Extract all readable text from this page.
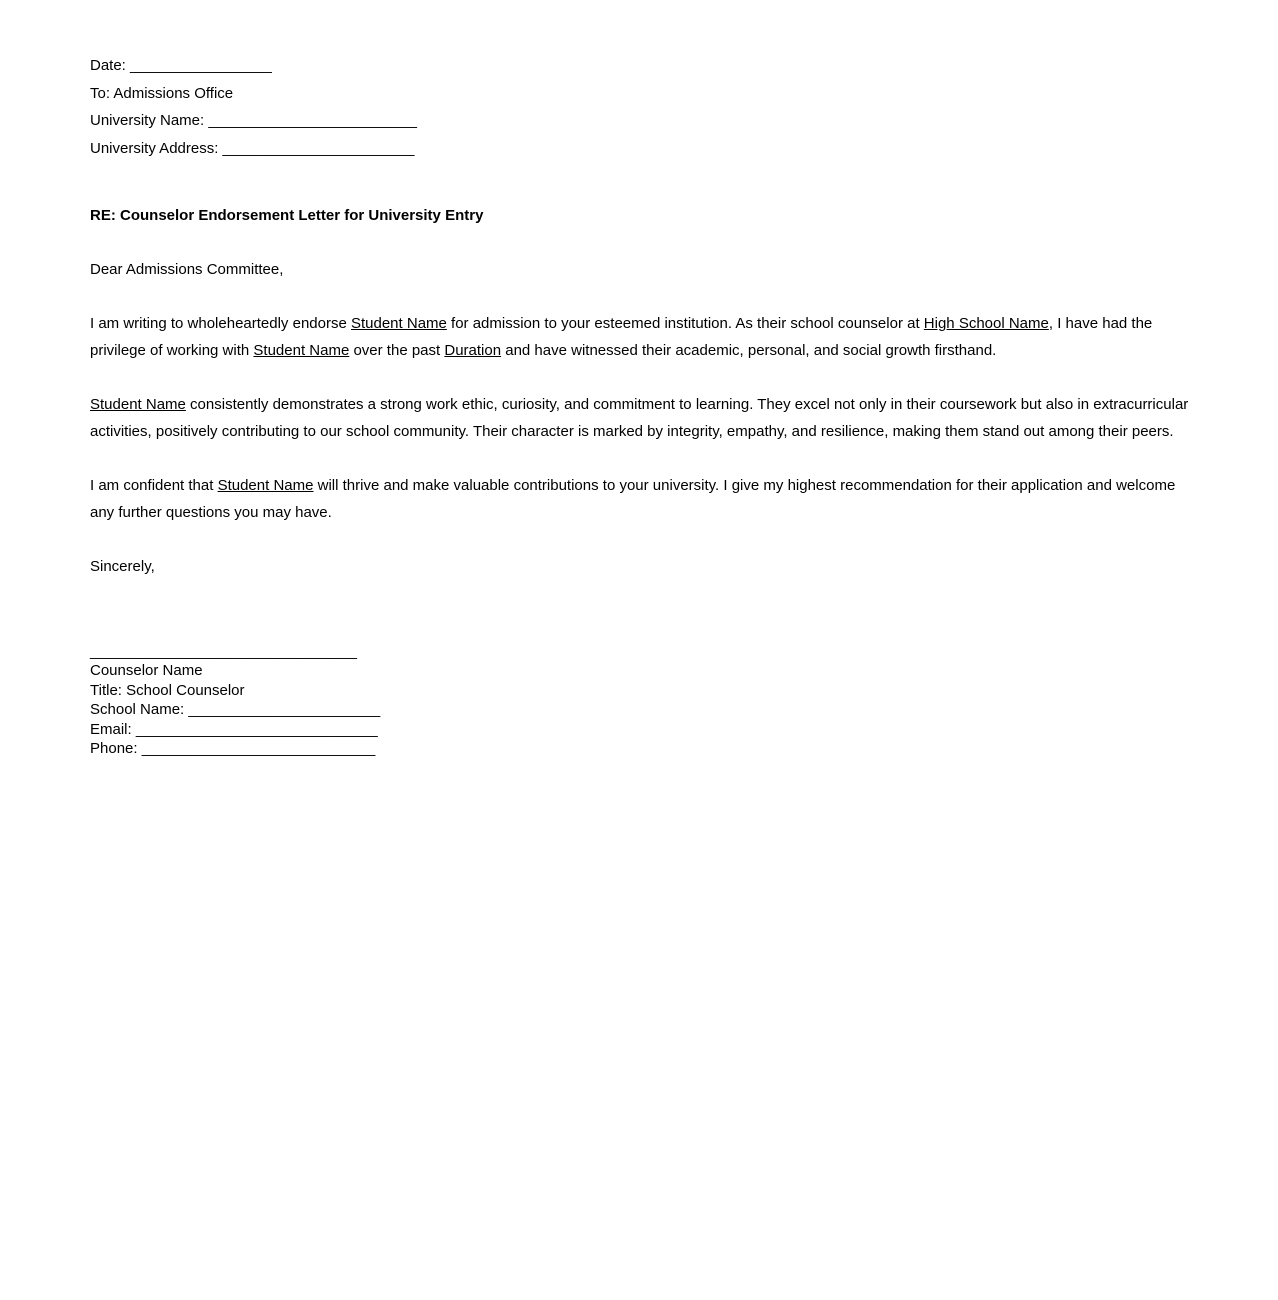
Date: _________________
To: Admissions Office
University Name: _________________________
University Address: _______________________

RE: Counselor Endorsement Letter for University Entry

Dear Admissions Committee,

I am writing to wholeheartedly endorse Student Name for admission to your esteemed institution. As their school counselor at High School Name, I have had the privilege of working with Student Name over the past Duration and have witnessed their academic, personal, and social growth firsthand.

Student Name consistently demonstrates a strong work ethic, curiosity, and commitment to learning. They excel not only in their coursework but also in extracurricular activities, positively contributing to our school community. Their character is marked by integrity, empathy, and resilience, making them stand out among their peers.

I am confident that Student Name will thrive and make valuable contributions to your university. I give my highest recommendation for their application and welcome any further questions you may have.

Sincerely,

________________________________
Counselor Name
Title: School Counselor
School Name: _______________________
Email: _____________________________
Phone: ____________________________
